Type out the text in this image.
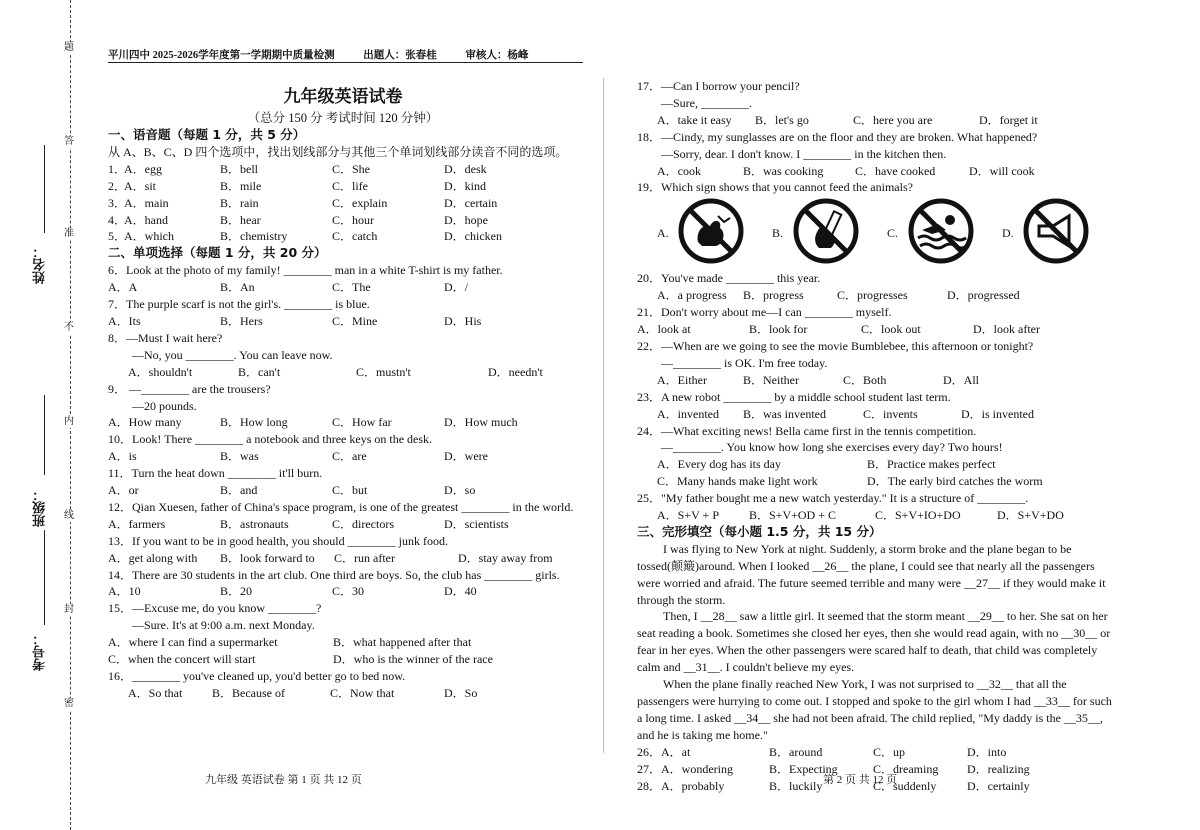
题
答
准
不
内
线
封
密
姓名：
班级：
考号：
平川四中 2025-2026学年度第一学期期中质量检测	出题人：张春桂	审核人：杨峰
九年级英语试卷
（总分 150 分 考试时间 120 分钟）
一、语音题（每题 1 分，共 5 分）
从 A、B、C、D 四个选项中，找出划线部分与其他三个单词划线部分读音不同的选项。
1．
A．egg	B．bell	C．She	D．desk
2．
A．sit	B．mile	C．life	D．kind
3．
A．main	B．rain	C．explain	D．certain
4．
A．hand	B．hear	C．hour	D．hope
5．
A．which	B．chemistry	C．catch	D．chicken
二、单项选择（每题 1 分，共 20 分）
6．Look at the photo of my family! ________ man in a white T-shirt is my father.
A．A	B．An	C．The	D．/
7．The purple scarf is not the girl's. ________ is blue.
A．Its	B．Hers	C．Mine	D．His
8．—Must I wait here?
—No, you ________. You can leave now.
A．shouldn't	B．can't	C．mustn't	D．needn't
9． —________ are the trousers?
—20 pounds.
A．How many	B．How long	C．How far	D．How much
10．Look! There ________ a notebook and three keys on the desk.
A．is	B．was	C．are	D．were
11．Turn the heat down ________ it'll burn.
A．or	B．and	C．but	D．so
12．Qian Xuesen, father of China's space program, is one of the greatest ________ in the world.
A．farmers	B．astronauts	C．directors	D．scientists
13．If you want to be in good health, you should ________ junk food.
A．get along with	B．look forward to	C．run after	D．stay away from
14．There are 30 students in the art club. One third are boys. So, the club has ________ girls.
A．10	B．20	C．30	D．40
15．—Excuse me, do you know ________?
—Sure. It's at 9:00 a.m. next Monday.
A．where I can find a supermarket	B．what happened after that
C．when the concert will start	D．who is the winner of the race
16．________ you've cleaned up, you'd better go to bed now.
A．So that	B．Because of	C．Now that	D．So
17．—Can I borrow your pencil?
—Sure, ________.
A．take it easy	B．let's go	C．here you are	D．forget it
18．—Cindy, my sunglasses are on the floor and they are broken. What happened?
—Sorry, dear. I don't know. I ________ in the kitchen then.
A．cook	B．was cooking	C．have cooked	D．will cook
19．Which sign shows that you cannot feed the animals?
A.	B.	C.	D.
20．You've made ________ this year.
A．a progress	B．progress	C．progresses	D．progressed
21．Don't worry about me—I can ________ myself.
A．look at	B．look for	C．look out	D．look after
22．—When are we going to see the movie Bumblebee, this afternoon or tonight?
—________ is OK. I'm free today.
A．Either	B．Neither	C．Both	D．All
23．A new robot ________ by a middle school student last term.
A．invented	B．was invented	C．invents	D．is invented
24．—What exciting news! Bella came first in the tennis competition.
—________. You know how long she exercises every day? Two hours!
A．Every dog has its day	B．Practice makes perfect
C．Many hands make light work	D．The early bird catches the worm
25．"My father bought me a new watch yesterday." It is a structure of ________.
A．S+V + P	B．S+V+OD + C	C．S+V+IO+DO	D．S+V+DO
三、完形填空（每小题 1.5 分，共 15 分）

I was flying to New York at night. Suddenly, a storm broke and the plane began to be tossed(颠簸)around. When I looked __26__ the plane, I could see that nearly all the passengers were worried and afraid. The future seemed terrible and many were __27__ if they would make it through the storm.

Then, I __28__ saw a little girl. It seemed that the storm meant __29__ to her. She sat on her seat reading a book. Sometimes she closed her eyes, then she would read again, with no __30__ or fear in her eyes. When the other passengers were scared half to death, that child was completely calm and __31__. I couldn't believe my eyes.

When the plane finally reached New York, I was not surprised to __32__ that all the passengers were hurrying to come out. I stopped and spoke to the girl whom I had __33__ for such a long time. I asked __34__ she had not been afraid. The child replied, "My daddy is the __35__, and he is taking me home."

26．A．at	B．around	C．up	D．into
27．A．wondering	B．Expecting	C．dreaming	D．realizing
28．A．probably	B．luckily	C．suddenly	D．certainly
九年级 英语试卷 第 1 页 共 12 页	第 2 页 共 12 页
